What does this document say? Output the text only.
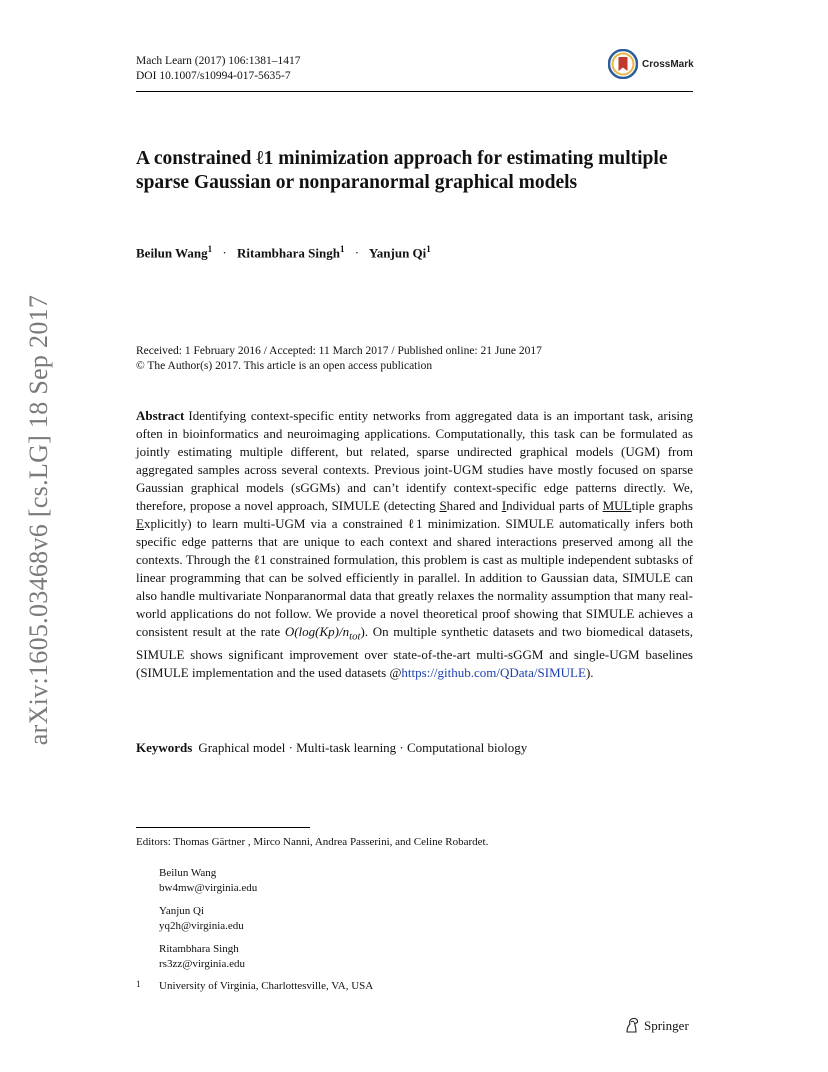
Mach Learn (2017) 106:1381–1417
DOI 10.1007/s10994-017-5635-7
CrossMark
A constrained ℓ1 minimization approach for estimating multiple sparse Gaussian or nonparanormal graphical models
Beilun Wang$^1$ · Ritambhara Singh$^1$ · Yanjun Qi$^1$
arXiv:1605.03468v6 [cs.LG] 18 Sep 2017	Received: 1 February 2016 / Accepted: 11 March 2017 / Published online: 21 June 2017
© The Author(s) 2017. This article is an open access publication
Abstract Identifying context-specific entity networks from aggregated data is an important task, arising often in bioinformatics and neuroimaging applications. Computationally, this task can be formulated as jointly estimating multiple different, but related, sparse undirected graphical models (UGM) from aggregated samples across several contexts. Previous joint-UGM studies have mostly focused on sparse Gaussian graphical models (sGGMs) and can’t identify context-specific edge patterns directly. We, therefore, propose a novel approach, SIMULE (detecting Shared and Individual parts of MULtiple graphs Explicitly) to learn multi-UGM via a constrained ℓ1 minimization. SIMULE automatically infers both specific edge patterns that are unique to each context and shared interactions preserved among all the contexts. Through the ℓ1 constrained formulation, this problem is cast as multiple independent subtasks of linear programming that can be solved efficiently in parallel. In addition to Gaussian data, SIMULE can also handle multivariate Nonparanormal data that greatly relaxes the normality assumption that many real-world applications do not follow. We provide a novel theoretical proof showing that SIMULE achieves a consistent result at the rate $O(\log(Kp)/n_{tot})$. On multiple synthetic datasets and two biomedical datasets, SIMULE shows significant improvement over state-of-the-art multi-sGGM and single-UGM baselines (SIMULE implementation and the used datasets @https://github.com/QData/SIMULE).
Keywords Graphical model · Multi-task learning · Computational biology
Editors: Thomas Gärtner , Mirco Nanni, Andrea Passerini, and Celine Robardet.
Beilun Wang
bw4mw@virginia.edu
Yanjun Qi
yq2h@virginia.edu
Ritambhara Singh
rs3zz@virginia.edu
1 University of Virginia, Charlottesville, VA, USA
Springer
